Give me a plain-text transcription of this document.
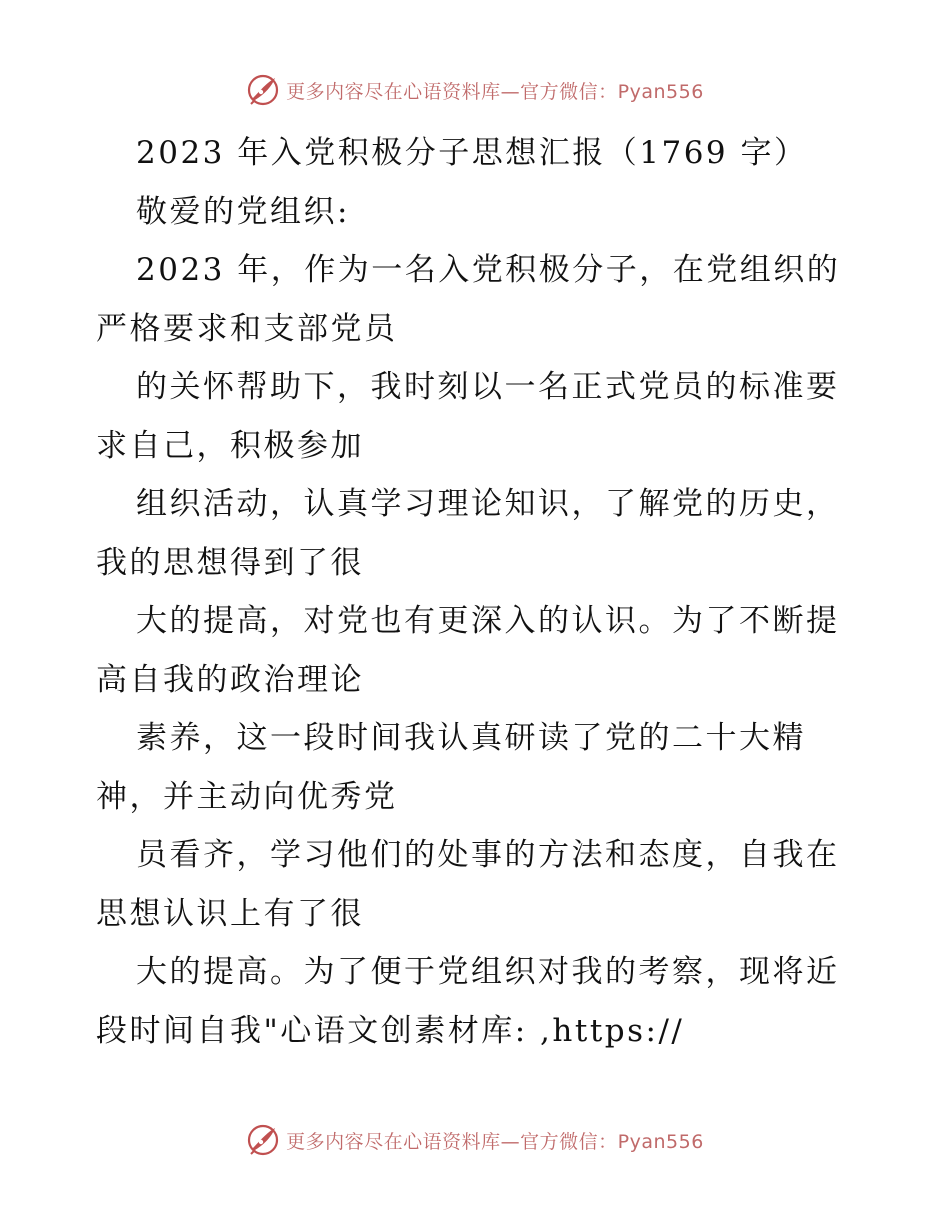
更多内容尽在心语资料库—官方微信：Pyan556
2023 年入党积极分子思想汇报（1769 字）
敬爱的党组织:
2023 年，作为一名入党积极分子，在党组织的
严格要求和支部党员
的关怀帮助下，我时刻以一名正式党员的标准要
求自己，积极参加
组织活动，认真学习理论知识，了解党的历史，
我的思想得到了很
大的提高，对党也有更深入的认识。为了不断提
高自我的政治理论
素养，这一段时间我认真研读了党的二十大精
神，并主动向优秀党
员看齐，学习他们的处事的方法和态度，自我在
思想认识上有了很
大的提高。为了便于党组织对我的考察，现将近
段时间自我"心语文创素材库: ,https://
更多内容尽在心语资料库—官方微信：Pyan556
